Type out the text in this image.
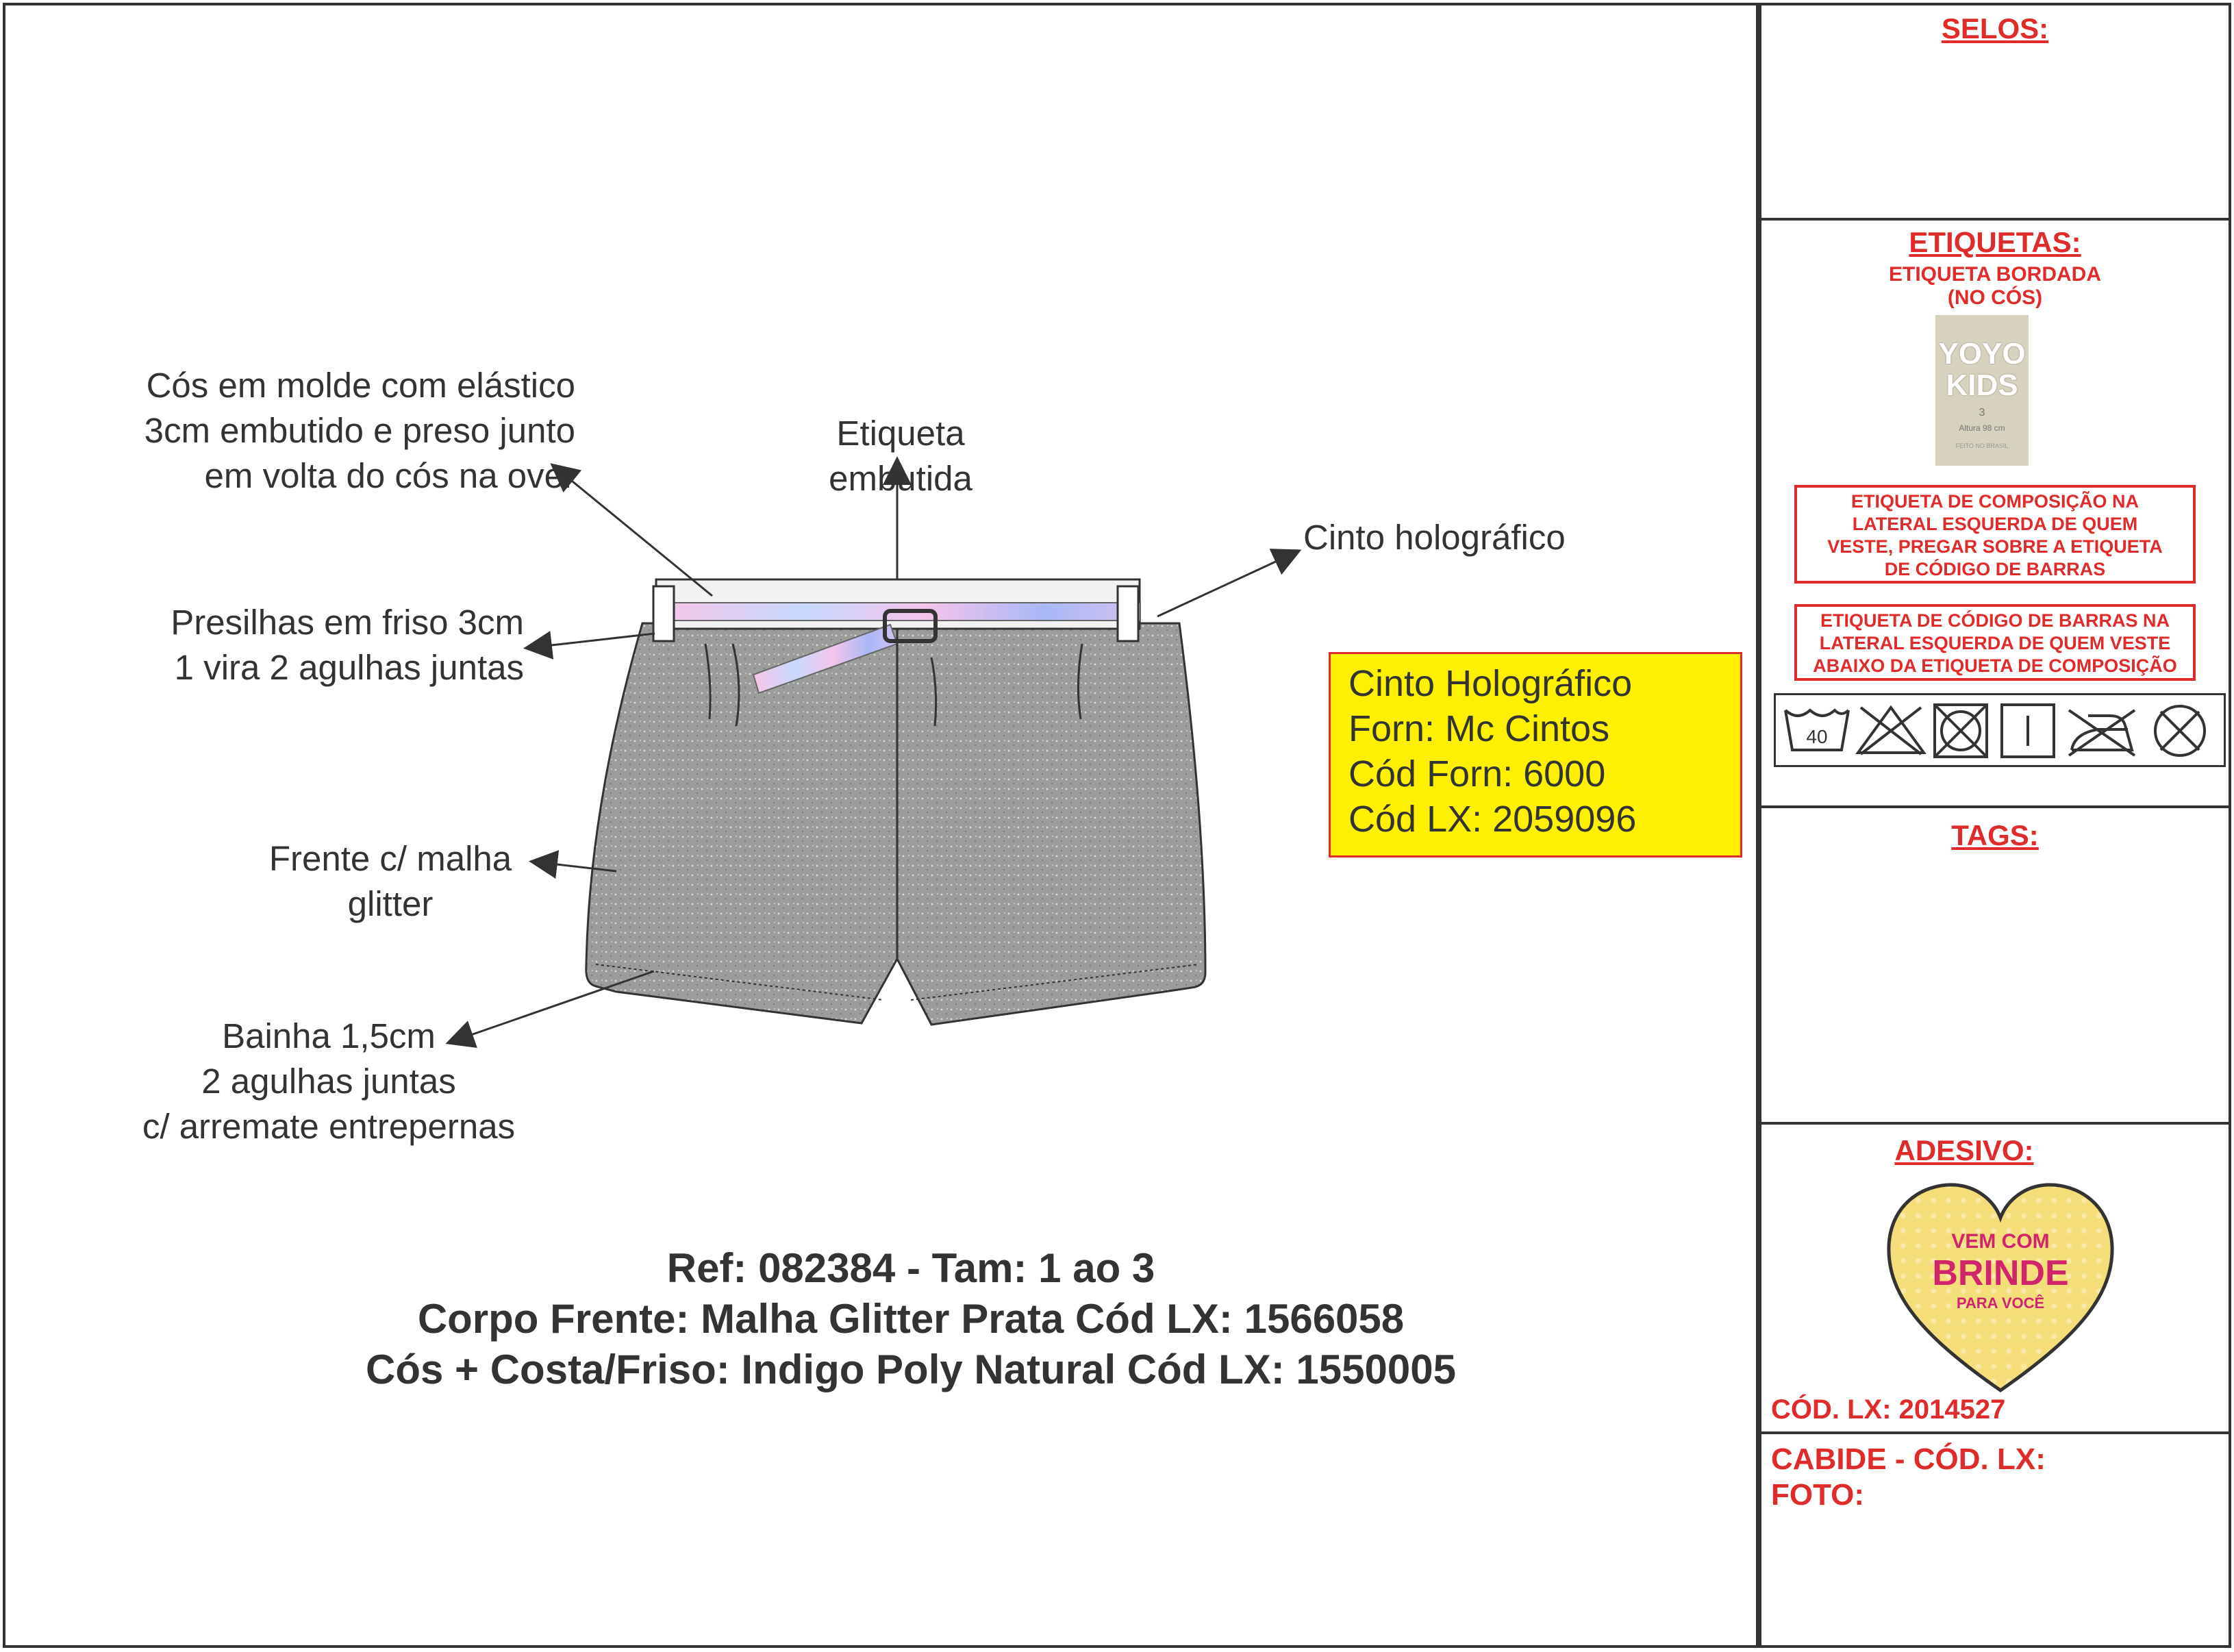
Cós em molde com elástico
3cm embutido e preso junto
em volta do cós na over
Etiqueta
embutida
Cinto holográfico
Presilhas em friso 3cm
1 vira 2 agulhas juntas
Frente c/ malha
glitter
Bainha 1,5cm
2 agulhas juntas
c/ arremate entrepernas
Cinto Holográfico
Forn: Mc Cintos
Cód Forn: 6000
Cód LX: 2059096
Ref: 082384 - Tam: 1 ao 3
Corpo Frente: Malha Glitter Prata Cód LX: 1566058
Cós + Costa/Friso: Indigo Poly Natural Cód LX: 1550005
SELOS:
ETIQUETAS:
ETIQUETA BORDADA
(NO CÓS)
YOYO
KIDS
3
Altura 98 cm
FEITO NO BRASIL
ETIQUETA DE COMPOSIÇÃO NA
LATERAL ESQUERDA DE QUEM
VESTE, PREGAR SOBRE A ETIQUETA
DE CÓDIGO DE BARRAS
ETIQUETA DE CÓDIGO DE BARRAS NA
LATERAL ESQUERDA DE QUEM VESTE
ABAIXO DA ETIQUETA DE COMPOSIÇÃO
40
TAGS:
ADESIVO:
VEM COM
BRINDE
PARA VOCÊ
CÓD. LX: 2014527
CABIDE - CÓD. LX:
FOTO:
